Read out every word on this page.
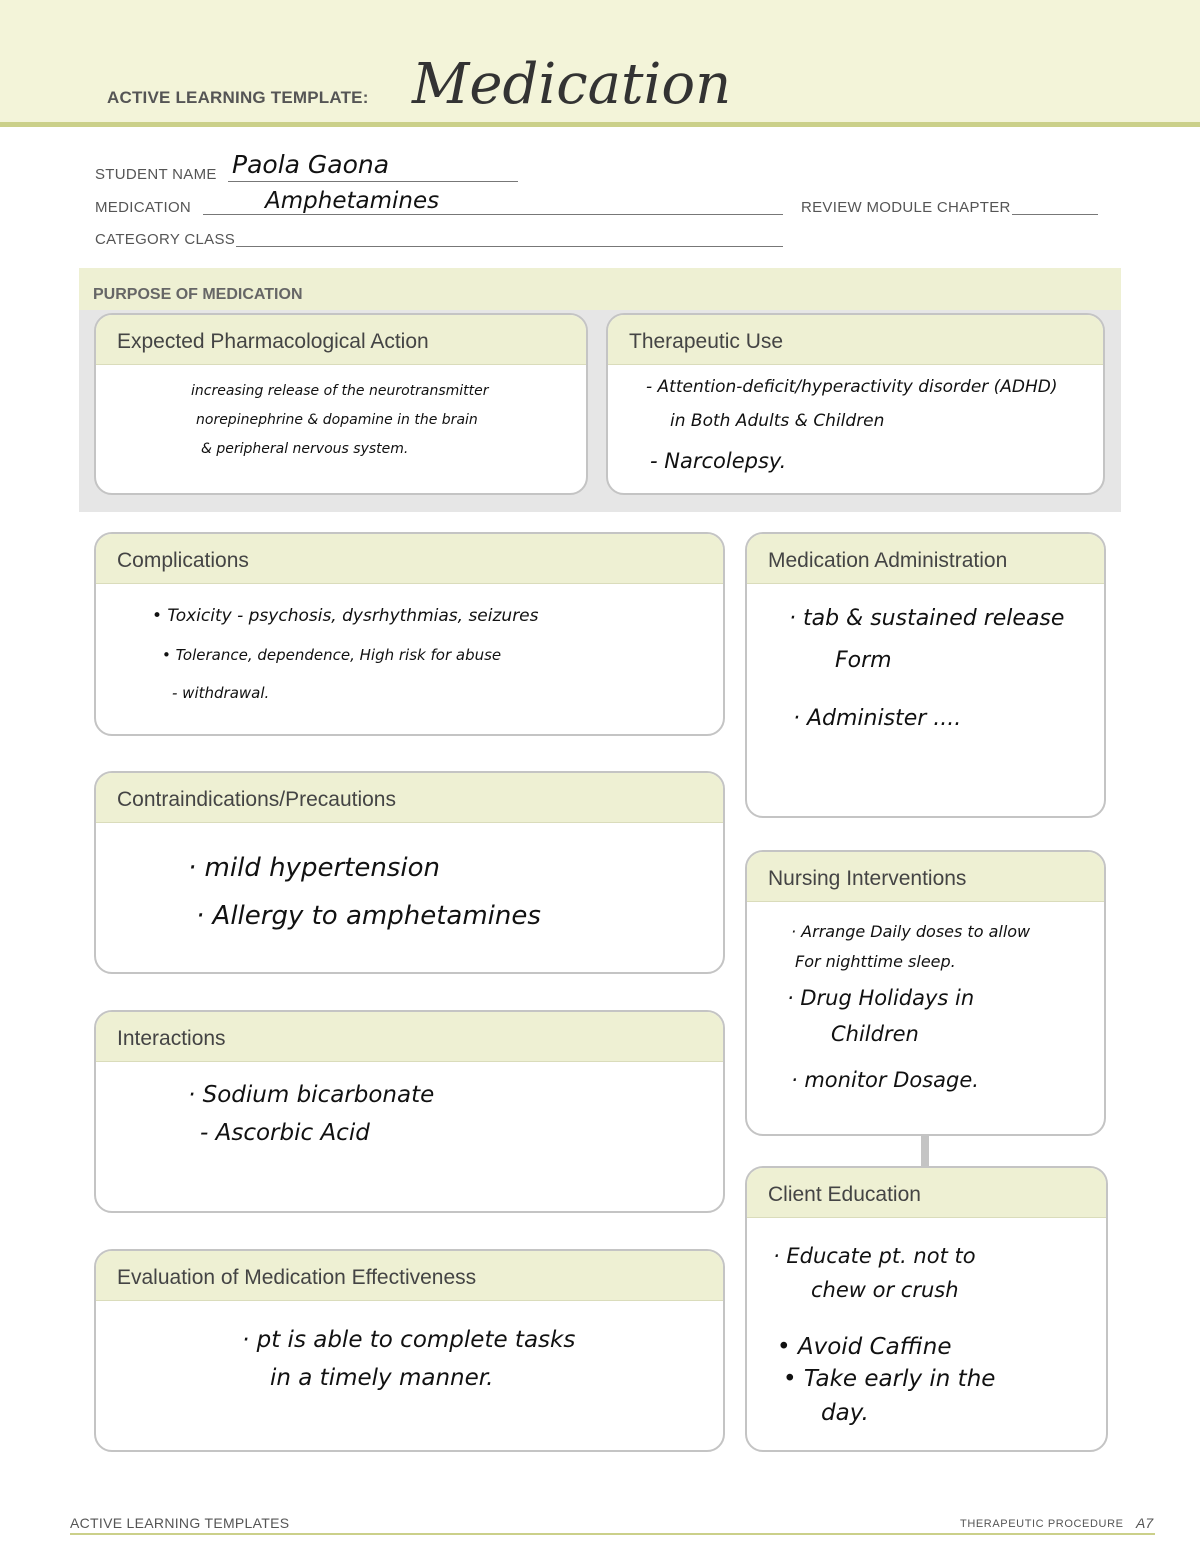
ACTIVE LEARNING TEMPLATE: Medication
STUDENT NAME Paola Gaona
MEDICATION	Amphetamines	REVIEW MODULE CHAPTER
CATEGORY CLASS
PURPOSE OF MEDICATION
Expected Pharmacological Action
increasing release of the neurotransmitter
norepinephrine & dopamine in the brain
& peripheral nervous system.
Therapeutic Use
- Attention-deficit/hyperactivity disorder (ADHD)
in Both Adults & Children
- Narcolepsy.
Complications
• Toxicity - psychosis, dysrhythmias, seizures
• Tolerance, dependence, High risk for abuse
- withdrawal.
Medication Administration
· tab & sustained release
Form
· Administer ....
Contraindications/Precautions
· mild hypertension
· Allergy to amphetamines
Nursing Interventions
· Arrange Daily doses to allow
For nighttime sleep.
· Drug Holidays in
Children
· monitor Dosage.
Interactions
· Sodium bicarbonate
- Ascorbic Acid
Client Education
· Educate pt. not to
chew or crush
• Avoid Caffine
• Take early in the
day.
Evaluation of Medication Effectiveness
· pt is able to complete tasks
in a timely manner.
ACTIVE LEARNING TEMPLATES	THERAPEUTIC PROCEDURE A7
